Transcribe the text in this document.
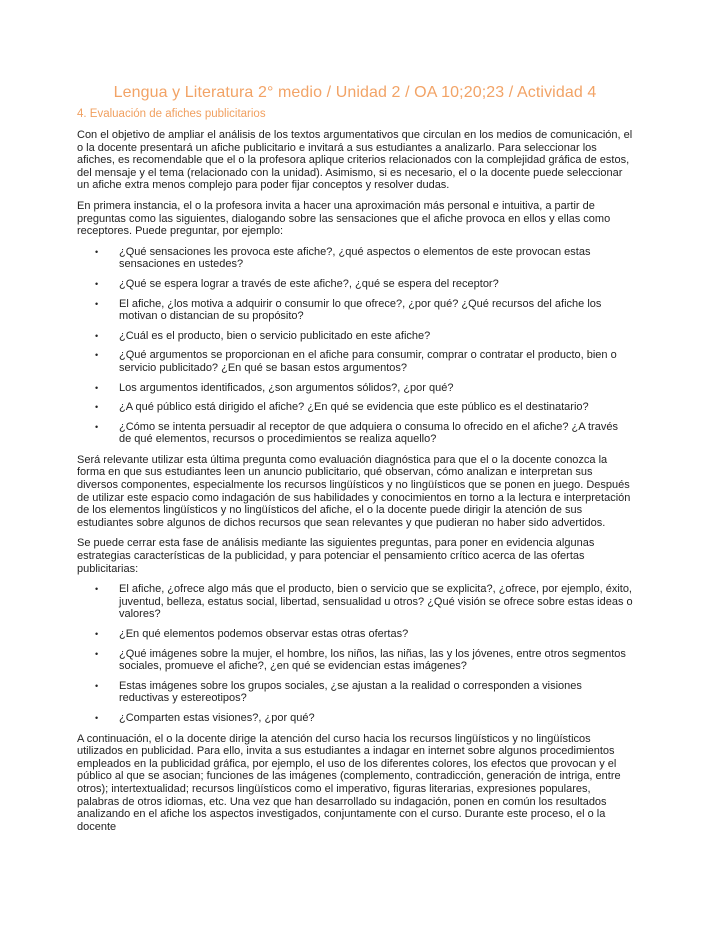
Lengua y Literatura 2° medio / Unidad 2 / OA 10;20;23 / Actividad 4
4. Evaluación de afiches publicitarios

Con el objetivo de ampliar el análisis de los textos argumentativos que circulan en los medios de comunicación, el o la docente presentará un afiche publicitario e invitará a sus estudiantes a analizarlo. Para seleccionar los afiches, es recomendable que el o la profesora aplique criterios relacionados con la complejidad gráfica de estos, del mensaje y el tema (relacionado con la unidad). Asimismo, si es necesario, el o la docente puede seleccionar un afiche extra menos complejo para poder fijar conceptos y resolver dudas.

En primera instancia, el o la profesora invita a hacer una aproximación más personal e intuitiva, a partir de preguntas como las siguientes, dialogando sobre las sensaciones que el afiche provoca en ellos y ellas como receptores. Puede preguntar, por ejemplo:

• ¿Qué sensaciones les provoca este afiche?, ¿qué aspectos o elementos de este provocan estas sensaciones en ustedes?
• ¿Qué se espera lograr a través de este afiche?, ¿qué se espera del receptor?
• El afiche, ¿los motiva a adquirir o consumir lo que ofrece?, ¿por qué? ¿Qué recursos del afiche los motivan o distancian de su propósito?
• ¿Cuál es el producto, bien o servicio publicitado en este afiche?
• ¿Qué argumentos se proporcionan en el afiche para consumir, comprar o contratar el producto, bien o servicio publicitado? ¿En qué se basan estos argumentos?
• Los argumentos identificados, ¿son argumentos sólidos?, ¿por qué?
• ¿A qué público está dirigido el afiche? ¿En qué se evidencia que este público es el destinatario?
• ¿Cómo se intenta persuadir al receptor de que adquiera o consuma lo ofrecido en el afiche? ¿A través de qué elementos, recursos o procedimientos se realiza aquello?

Será relevante utilizar esta última pregunta como evaluación diagnóstica para que el o la docente conozca la forma en que sus estudiantes leen un anuncio publicitario, qué observan, cómo analizan e interpretan sus diversos componentes, especialmente los recursos lingüísticos y no lingüísticos que se ponen en juego. Después de utilizar este espacio como indagación de sus habilidades y conocimientos en torno a la lectura e interpretación de los elementos lingüísticos y no lingüísticos del afiche, el o la docente puede dirigir la atención de sus estudiantes sobre algunos de dichos recursos que sean relevantes y que pudieran no haber sido advertidos.

Se puede cerrar esta fase de análisis mediante las siguientes preguntas, para poner en evidencia algunas estrategias características de la publicidad, y para potenciar el pensamiento crítico acerca de las ofertas publicitarias:

• El afiche, ¿ofrece algo más que el producto, bien o servicio que se explicita?, ¿ofrece, por ejemplo, éxito, juventud, belleza, estatus social, libertad, sensualidad u otros? ¿Qué visión se ofrece sobre estas ideas o valores?
• ¿En qué elementos podemos observar estas otras ofertas?
• ¿Qué imágenes sobre la mujer, el hombre, los niños, las niñas, las y los jóvenes, entre otros segmentos sociales, promueve el afiche?, ¿en qué se evidencian estas imágenes?
• Estas imágenes sobre los grupos sociales, ¿se ajustan a la realidad o corresponden a visiones reductivas y estereotipos?
• ¿Comparten estas visiones?, ¿por qué?

A continuación, el o la docente dirige la atención del curso hacia los recursos lingüísticos y no lingüísticos utilizados en publicidad. Para ello, invita a sus estudiantes a indagar en internet sobre algunos procedimientos empleados en la publicidad gráfica, por ejemplo, el uso de los diferentes colores, los efectos que provocan y el público al que se asocian; funciones de las imágenes (complemento, contradicción, generación de intriga, entre otros); intertextualidad; recursos lingüísticos como el imperativo, figuras literarias, expresiones populares, palabras de otros idiomas, etc. Una vez que han desarrollado su indagación, ponen en común los resultados analizando en el afiche los aspectos investigados, conjuntamente con el curso. Durante este proceso, el o la docente
